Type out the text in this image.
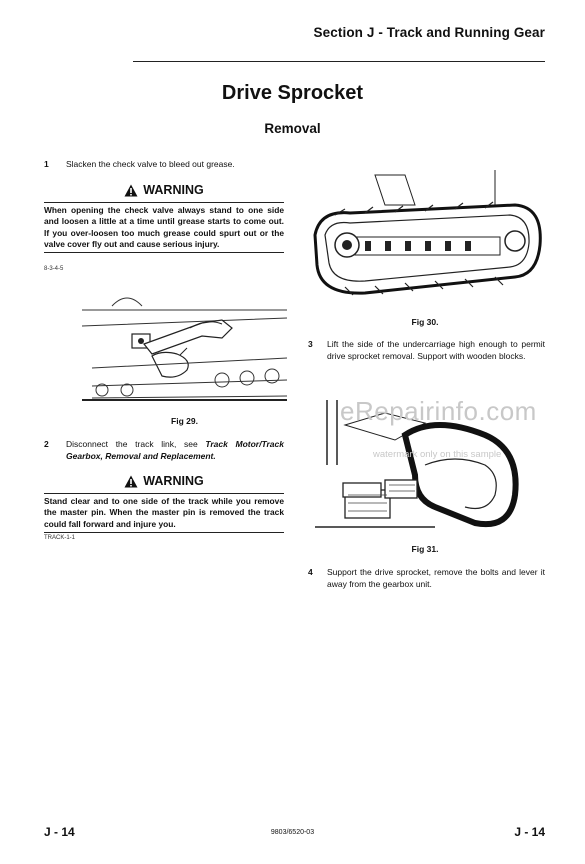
Section J - Track and Running Gear
Drive Sprocket
Removal
1 Slacken the check valve to bleed out grease.
WARNING
When opening the check valve always stand to one side and loosen a little at a time until grease starts to come out. If you over-loosen too much grease could spurt out or the valve cover fly out and cause serious injury.
8-3-4-5
Fig 29.
2 Disconnect the track link, see Track Motor/Track Gearbox, Removal and Replacement.
WARNING
Stand clear and to one side of the track while you remove the master pin. When the master pin is removed the track could fall forward and injure you.
TRACK-1-1
Fig 30.
3 Lift the side of the undercarriage high enough to permit drive sprocket removal. Support with wooden blocks.
Fig 31.
4 Support the drive sprocket, remove the bolts and lever it away from the gearbox unit.
eRepairinfo.com
watermark only on this sample
J - 14	9803/6520-03	J - 14
